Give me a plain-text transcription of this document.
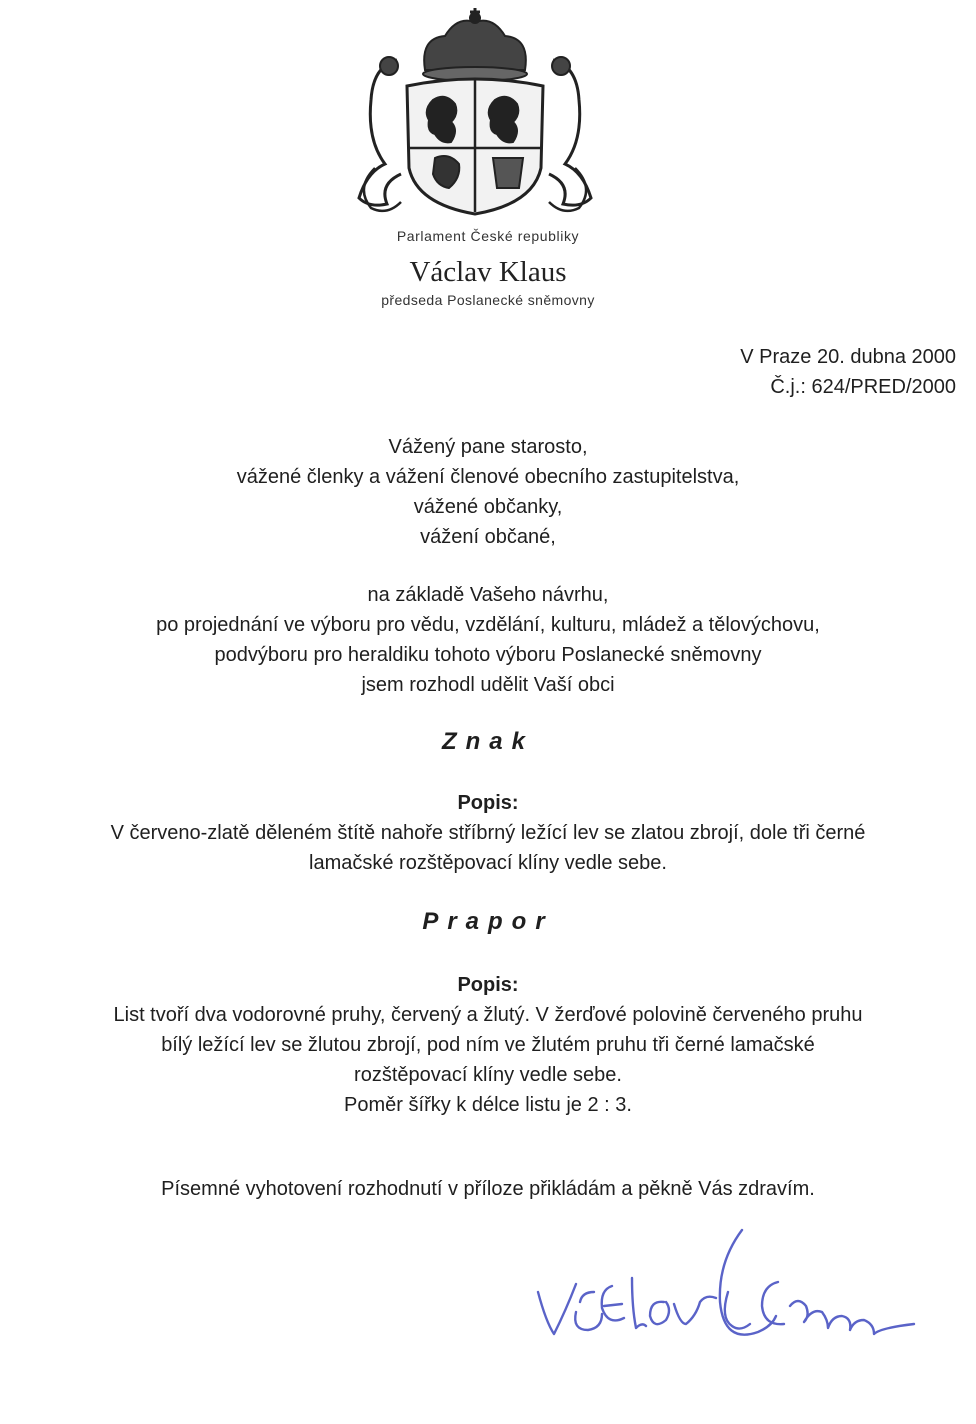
Parlament České republiky
Václav Klaus
předseda Poslanecké sněmovny
V Praze 20. dubna 2000
Č.j.: 624/PRED/2000
Vážený pane starosto,
vážené členky a vážení členové obecního zastupitelstva,
vážené občanky,
vážení občané,
na základě Vašeho návrhu,
po projednání ve výboru pro vědu, vzdělání, kulturu, mládež a tělovýchovu,
podvýboru pro heraldiku tohoto výboru Poslanecké sněmovny
jsem rozhodl udělit Vaší obci
Znak
Popis:
V červeno-zlatě děleném štítě nahoře stříbrný ležící lev se zlatou zbrojí, dole tři černé
lamačské rozštěpovací klíny vedle sebe.
Prapor
Popis:
List tvoří dva vodorovné pruhy, červený a žlutý. V žerďové polovině červeného pruhu
bílý ležící lev se žlutou zbrojí, pod ním ve žlutém pruhu tři černé lamačské
rozštěpovací klíny vedle sebe.
Poměr šířky k délce listu je 2 : 3.
Písemné vyhotovení rozhodnutí v příloze přikládám a pěkně Vás zdravím.
